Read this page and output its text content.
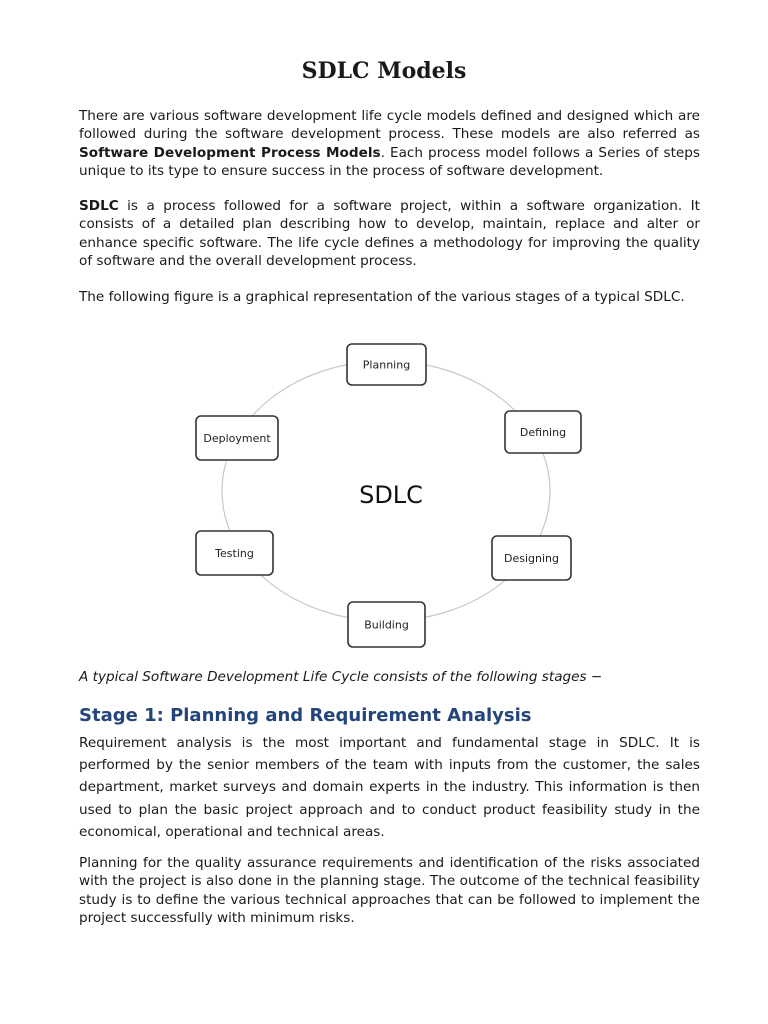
SDLC Models

There are various software development life cycle models defined and designed which are followed during the software development process. These models are also referred as Software Development Process Models. Each process model follows a Series of steps unique to its type to ensure success in the process of software development.

SDLC is a process followed for a software project, within a software organization. It consists of a detailed plan describing how to develop, maintain, replace and alter or enhance specific software. The life cycle defines a methodology for improving the quality of software and the overall development process.

The following figure is a graphical representation of the various stages of a typical SDLC.

SDLC
Planning
Defining
Designing
Building
Testing
Deployment

A typical Software Development Life Cycle consists of the following stages −

Stage 1: Planning and Requirement Analysis

Requirement analysis is the most important and fundamental stage in SDLC. It is performed by the senior members of the team with inputs from the customer, the sales department, market surveys and domain experts in the industry. This information is then used to plan the basic project approach and to conduct product feasibility study in the economical, operational and technical areas.

Planning for the quality assurance requirements and identification of the risks associated with the project is also done in the planning stage. The outcome of the technical feasibility study is to define the various technical approaches that can be followed to implement the project successfully with minimum risks.
